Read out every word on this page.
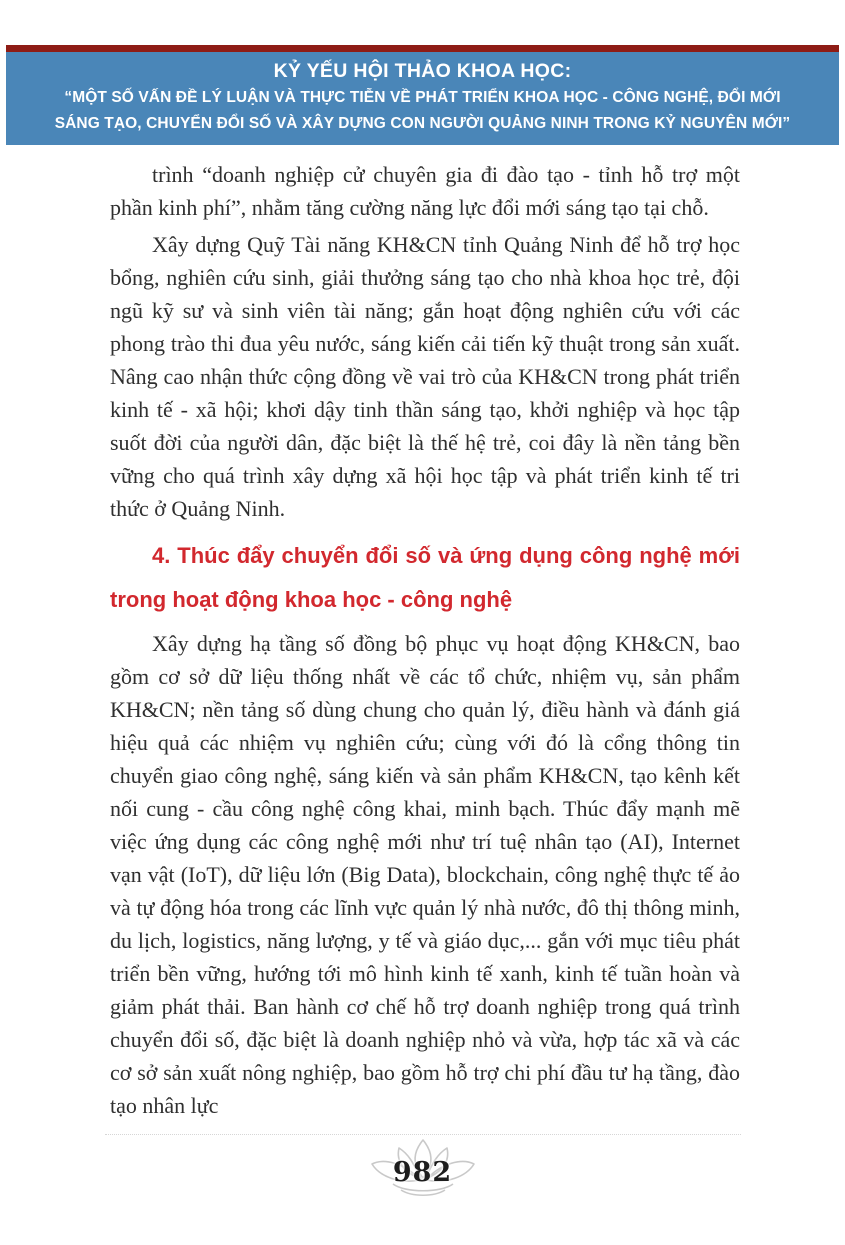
KỶ YẾU HỘI THẢO KHOA HỌC:
“MỘT SỐ VẤN ĐỀ LÝ LUẬN VÀ THỰC TIỄN VỀ PHÁT TRIỂN KHOA HỌC - CÔNG NGHỆ, ĐỔI MỚI
SÁNG TẠO, CHUYỂN ĐỔI SỐ VÀ XÂY DỰNG CON NGƯỜI QUẢNG NINH TRONG KỶ NGUYÊN MỚI”

trình “doanh nghiệp cử chuyên gia đi đào tạo - tỉnh hỗ trợ một phần kinh phí”, nhằm tăng cường năng lực đổi mới sáng tạo tại chỗ.

Xây dựng Quỹ Tài năng KH&CN tỉnh Quảng Ninh để hỗ trợ học bổng, nghiên cứu sinh, giải thưởng sáng tạo cho nhà khoa học trẻ, đội ngũ kỹ sư và sinh viên tài năng; gắn hoạt động nghiên cứu với các phong trào thi đua yêu nước, sáng kiến cải tiến kỹ thuật trong sản xuất. Nâng cao nhận thức cộng đồng về vai trò của KH&CN trong phát triển kinh tế - xã hội; khơi dậy tinh thần sáng tạo, khởi nghiệp và học tập suốt đời của người dân, đặc biệt là thế hệ trẻ, coi đây là nền tảng bền vững cho quá trình xây dựng xã hội học tập và phát triển kinh tế tri thức ở Quảng Ninh.

4. Thúc đẩy chuyển đổi số và ứng dụng công nghệ mới trong hoạt động khoa học - công nghệ

Xây dựng hạ tầng số đồng bộ phục vụ hoạt động KH&CN, bao gồm cơ sở dữ liệu thống nhất về các tổ chức, nhiệm vụ, sản phẩm KH&CN; nền tảng số dùng chung cho quản lý, điều hành và đánh giá hiệu quả các nhiệm vụ nghiên cứu; cùng với đó là cổng thông tin chuyển giao công nghệ, sáng kiến và sản phẩm KH&CN, tạo kênh kết nối cung - cầu công nghệ công khai, minh bạch. Thúc đẩy mạnh mẽ việc ứng dụng các công nghệ mới như trí tuệ nhân tạo (AI), Internet vạn vật (IoT), dữ liệu lớn (Big Data), blockchain, công nghệ thực tế ảo và tự động hóa trong các lĩnh vực quản lý nhà nước, đô thị thông minh, du lịch, logistics, năng lượng, y tế và giáo dục,... gắn với mục tiêu phát triển bền vững, hướng tới mô hình kinh tế xanh, kinh tế tuần hoàn và giảm phát thải. Ban hành cơ chế hỗ trợ doanh nghiệp trong quá trình chuyển đổi số, đặc biệt là doanh nghiệp nhỏ và vừa, hợp tác xã và các cơ sở sản xuất nông nghiệp, bao gồm hỗ trợ chi phí đầu tư hạ tầng, đào tạo nhân lực

982
